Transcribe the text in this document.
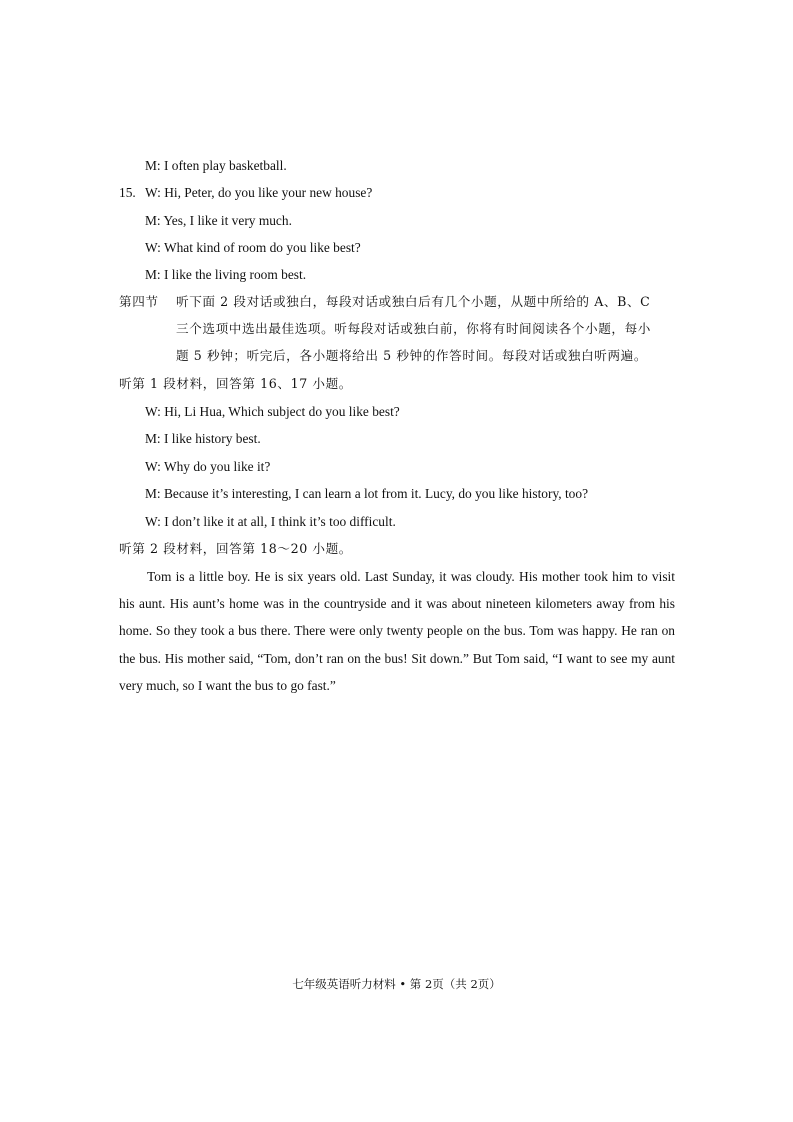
M: I often play basketball.
15. W: Hi, Peter, do you like your new house?
M: Yes, I like it very much.
W: What kind of room do you like best?
M: I like the living room best.
第四节 听下面 2 段对话或独白，每段对话或独白后有几个小题，从题中所给的 A、B、C
三个选项中选出最佳选项。听每段对话或独白前，你将有时间阅读各个小题，每小
题 5 秒钟；听完后，各小题将给出 5 秒钟的作答时间。每段对话或独白听两遍。
听第 1 段材料，回答第 16、17 小题。
W: Hi, Li Hua, Which subject do you like best?
M: I like history best.
W: Why do you like it?
M: Because it’s interesting, I can learn a lot from it. Lucy, do you like history, too?
W: I don’t like it at all, I think it’s too difficult.
听第 2 段材料，回答第 18～20 小题。
Tom is a little boy. He is six years old. Last Sunday, it was cloudy. His mother took him to visit his aunt. His aunt’s home was in the countryside and it was about nineteen kilometers away from his home. So they took a bus there. There were only twenty people on the bus. Tom was happy. He ran on the bus. His mother said, “Tom, don’t ran on the bus! Sit down.” But Tom said, “I want to see my aunt very much, so I want the bus to go fast.”
七年级英语听力材料 • 第 2页（共 2页）
